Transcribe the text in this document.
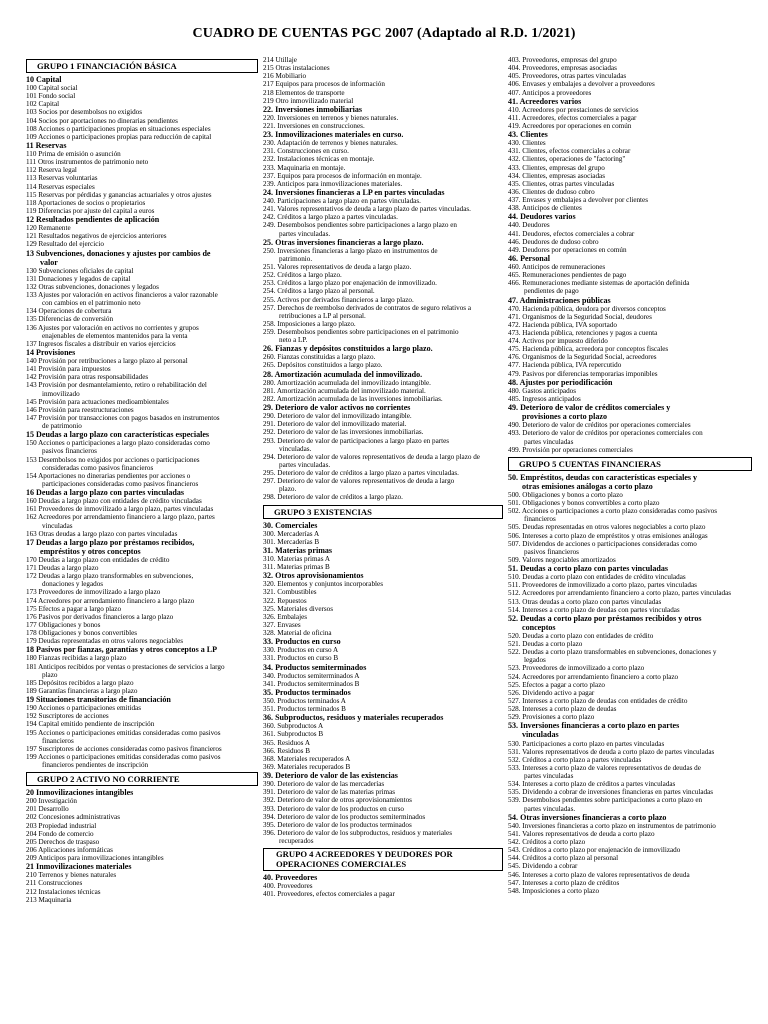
CUADRO DE CUENTAS PGC 2007 (Adaptado al R.D. 1/2021)
GRUPO 1 FINANCIACIÓN BÁSICA
10 Capital
100 Capital social
101 Fondo social
102 Capital
103 Socios por desembolsos no exigidos
104 Socios por aportaciones no dinerarias pendientes
108 Acciones o participaciones propias en situaciones especiales
109 Acciones o participaciones propias para reducción de capital
11 Reservas
110 Prima de emisión o asunción
111 Otros instrumentos de patrimonio neto
112 Reserva legal
113 Reservas voluntarias
114 Reservas especiales
115 Reservas por pérdidas y ganancias actuariales y otros ajustes
118 Aportaciones de socios o propietarios
119 Diferencias por ajuste del capital a euros
12 Resultados pendientes de aplicación
120 Remanente
121 Resultados negativos de ejercicios anteriores
129 Resultado del ejercicio
13 Subvenciones, donaciones y ajustes por cambios de
valor
130 Subvenciones oficiales de capital
131 Donaciones y legados de capital
132 Otras subvenciones, donaciones y legados
133 Ajustes por valoración en activos financieros a valor razonable
con cambios en el patrimonio neto
134 Operaciones de cobertura
135 Diferencias de conversión
136 Ajustes por valoración en activos no corrientes y grupos
enajenables de elementos mantenidos para la venta
137 Ingresos fiscales a distribuir en varios ejercicios
14 Provisiones
140 Provisión por retribuciones a largo plazo al personal
141 Provisión para impuestos
142 Provisión para otras responsabilidades
143 Provisión por desmantelamiento, retiro o rehabilitación del
inmovilizado
145 Provisión para actuaciones medioambientales
146 Provisión para reestructuraciones
147 Provisión por transacciones con pagos basados en instrumentos
de patrimonio
15 Deudas a largo plazo con características especiales
150 Acciones o participaciones a largo plazo consideradas como
pasivos financieros
153 Desembolsos no exigidos por acciones o participaciones
consideradas como pasivos financieros
154 Aportaciones no dinerarias pendientes por acciones o
participaciones consideradas como pasivos financieros
16 Deudas a largo plazo con partes vinculadas
160 Deudas a largo plazo con entidades de crédito vinculadas
161 Proveedores de inmovilizado a largo plazo, partes vinculadas
162 Acreedores por arrendamiento financiero a largo plazo, partes
vinculadas
163 Otras deudas a largo plazo con partes vinculadas
17 Deudas a largo plazo por préstamos recibidos,
empréstitos y otros conceptos
170 Deudas a largo plazo con entidades de crédito
171 Deudas a largo plazo
172 Deudas a largo plazo transformables en subvenciones,
donaciones y legados
173 Proveedores de inmovilizado a largo plazo
174 Acreedores por arrendamiento financiero a largo plazo
175 Efectos a pagar a largo plazo
176 Pasivos por derivados financieros a largo plazo
177 Obligaciones y bonos
178 Obligaciones y bonos convertibles
179 Deudas representadas en otros valores negociables
18 Pasivos por fianzas, garantías y otros conceptos a LP
180 Fianzas recibidas a largo plazo
181 Anticipos recibidos por ventas o prestaciones de servicios a largo
plazo
185 Depósitos recibidos a largo plazo
189 Garantías financieras a largo plazo
19 Situaciones transitorias de financiación
190 Acciones o participaciones emitidas
192 Suscriptores de acciones
194 Capital emitido pendiente de inscripción
195 Acciones o participaciones emitidas consideradas como pasivos
financieros
197 Suscriptores de acciones consideradas como pasivos financieros
199 Acciones o participaciones emitidas consideradas como pasivos
financieros pendientes de inscripción
GRUPO 2 ACTIVO NO CORRIENTE
20 Inmovilizaciones intangibles
200 Investigación
201 Desarrollo
202 Concesiones administrativas
203 Propiedad industrial
204 Fondo de comercio
205 Derechos de traspaso
206 Aplicaciones informáticas
209 Anticipos para inmovilizaciones intangibles
21 Inmovilizaciones materiales
210 Terrenos y bienes naturales
211 Construcciones
212 Instalaciones técnicas
213 Maquinaria
214 Utillaje
215 Otras instalaciones
216 Mobiliario
217 Equipos para procesos de información
218 Elementos de transporte
219 Otro inmovilizado material
22. Inversiones inmobiliarias
220. Inversiones en terrenos y bienes naturales.
221. Inversiones en construcciones.
23. Inmovilizaciones materiales en curso.
230. Adaptación de terrenos y bienes naturales.
231. Construcciones en curso.
232. Instalaciones técnicas en montaje.
233. Maquinaria en montaje.
237. Equipos para procesos de información en montaje.
239. Anticipos para inmovilizaciones materiales.
24. Inversiones financieras a LP en partes vinculadas
240. Participaciones a largo plazo en partes vinculadas.
241. Valores representativos de deuda a largo plazo de partes vinculadas.
242. Créditos a largo plazo a partes vinculadas.
249. Desembolsos pendientes sobre participaciones a largo plazo en
partes vinculadas.
25. Otras inversiones financieras a largo plazo.
250. Inversiones financieras a largo plazo en instrumentos de
patrimonio.
251. Valores representativos de deuda a largo plazo.
252. Créditos a largo plazo.
253. Créditos a largo plazo por enajenación de inmovilizado.
254. Créditos a largo plazo al personal.
255. Activos por derivados financieros a largo plazo.
257. Derechos de reembolso derivados de contratos de seguro relativos a
retribuciones a LP al personal.
258. Imposiciones a largo plazo.
259. Desembolsos pendientes sobre participaciones en el patrimonio
neto a LP.
26. Fianzas y depósitos constituidos a largo plazo.
260. Fianzas constituidas a largo plazo.
265. Depósitos constituidos a largo plazo.
28. Amortización acumulada del inmovilizado.
280. Amortización acumulada del inmovilizado intangible.
281. Amortización acumulada del inmovilizado material.
282. Amortización acumulada de las inversiones inmobiliarias.
29. Deterioro de valor activos no corrientes
290. Deterioro de valor del inmovilizado intangible.
291. Deterioro de valor del inmovilizado material.
292. Deterioro de valor de las inversiones inmobiliarias.
293. Deterioro de valor de participaciones a largo plazo en partes
vinculadas.
294. Deterioro de valor de valores representativos de deuda a largo plazo de
partes vinculadas.
295. Deterioro de valor de créditos a largo plazo a partes vinculadas.
297. Deterioro de valor de valores representativos de deuda a largo
plazo.
298. Deterioro de valor de créditos a largo plazo.
GRUPO 3 EXISTENCIAS
30. Comerciales
300. Mercaderías A
301. Mercaderías B
31. Materias primas
310. Materias primas A
311. Materias primas B
32. Otros aprovisionamientos
320. Elementos y conjuntos incorporables
321. Combustibles
322. Repuestos
325. Materiales diversos
326. Embalajes
327. Envases
328. Material de oficina
33. Productos en curso
330. Productos en curso A
331. Productos en curso B
34. Productos semiterminados
340. Productos semiterminados A
341. Productos semiterminados B
35. Productos terminados
350. Productos terminados A
351. Productos terminados B
36. Subproductos, residuos y materiales recuperados
360. Subproductos A
361. Subproductos B
365. Residuos A
366. Residuos B
368. Materiales recuperados A
369. Materiales recuperados B
39. Deterioro de valor de las existencias
390. Deterioro de valor de las mercaderías
391. Deterioro de valor de las materias primas
392. Deterioro de valor de otros aprovisionamientos
393. Deterioro de valor de los productos en curso
394. Deterioro de valor de los productos semiterminados
395. Deterioro de valor de los productos terminados
396. Deterioro de valor de los subproductos, residuos y materiales
recuperados
GRUPO 4 ACREEDORES Y DEUDORES POR
OPERACIONES COMERCIALES
40. Proveedores
400. Proveedores
401. Proveedores, efectos comerciales a pagar
403. Proveedores, empresas del grupo
404. Proveedores, empresas asociadas
405. Proveedores, otras partes vinculadas
406. Envases y embalajes a devolver a proveedores
407. Anticipos a proveedores
41. Acreedores varios
410. Acreedores por prestaciones de servicios
411. Acreedores, efectos comerciales a pagar
419. Acreedores por operaciones en común
43. Clientes
430. Clientes
431. Clientes, efectos comerciales a cobrar
432. Clientes, operaciones de "factoring"
433. Clientes, empresas del grupo
434. Clientes, empresas asociadas
435. Clientes, otras partes vinculadas
436. Clientes de dudoso cobro
437. Envases y embalajes a devolver por clientes
438. Anticipos de clientes
44. Deudores varios
440. Deudores
441. Deudores, efectos comerciales a cobrar
446. Deudores de dudoso cobro
449. Deudores por operaciones en común
46. Personal
460. Anticipos de remuneraciones
465. Remuneraciones pendientes de pago
466. Remuneraciones mediante sistemas de aportación definida
pendientes de pago
47. Administraciones públicas
470. Hacienda pública, deudora por diversos conceptos
471. Organismos de la Seguridad Social, deudores
472. Hacienda pública, IVA soportado
473. Hacienda pública, retenciones y pagos a cuenta
474. Activos por impuesto diferido
475. Hacienda pública, acreedora por conceptos fiscales
476. Organismos de la Seguridad Social, acreedores
477. Hacienda pública, IVA repercutido
479. Pasivos por diferencias temporarias imponibles
48. Ajustes por periodificación
480. Gastos anticipados
485. Ingresos anticipados
49. Deterioro de valor de créditos comerciales y
provisiones a corto plazo
490. Deterioro de valor de créditos por operaciones comerciales
493. Deterioro de valor de créditos por operaciones comerciales con
partes vinculadas
499. Provisión por operaciones comerciales
GRUPO 5 CUENTAS FINANCIERAS
50. Empréstitos, deudas con características especiales y
otras emisiones análogas a corto plazo
500. Obligaciones y bonos a corto plazo
501. Obligaciones y bonos convertibles a corto plazo
502. Acciones o participaciones a corto plazo consideradas como pasivos
financieros
505. Deudas representadas en otros valores negociables a corto plazo
506. Intereses a corto plazo de empréstitos y otras emisiones análogas
507. Dividendos de acciones o participaciones consideradas como
pasivos financieros
509. Valores negociables amortizados
51. Deudas a corto plazo con partes vinculadas
510. Deudas a corto plazo con entidades de crédito vinculadas
511. Proveedores de inmovilizado a corto plazo, partes vinculadas
512. Acreedores por arrendamiento financiero a corto plazo, partes vinculadas
513. Otras deudas a corto plazo con partes vinculadas
514. Intereses a corto plazo de deudas con partes vinculadas
52. Deudas a corto plazo por préstamos recibidos y otros
conceptos
520. Deudas a corto plazo con entidades de crédito
521. Deudas a corto plazo
522. Deudas a corto plazo transformables en subvenciones, donaciones y
legados
523. Proveedores de inmovilizado a corto plazo
524. Acreedores por arrendamiento financiero a corto plazo
525. Efectos a pagar a corto plazo
526. Dividendo activo a pagar
527. Intereses a corto plazo de deudas con entidades de crédito
528. Intereses a corto plazo de deudas
529. Provisiones a corto plazo
53. Inversiones financieras a corto plazo en partes
vinculadas
530. Participaciones a corto plazo en partes vinculadas
531. Valores representativos de deuda a corto plazo de partes vinculadas
532. Créditos a corto plazo a partes vinculadas
533. Intereses a corto plazo de valores representativos de deudas de
partes vinculadas
534. Intereses a corto plazo de créditos a partes vinculadas
535. Dividendo a cobrar de inversiones financieras en partes vinculadas
539. Desembolsos pendientes sobre participaciones a corto plazo en
partes vinculadas.
54. Otras inversiones financieras a corto plazo
540. Inversiones financieras a corto plazo en instrumentos de patrimonio
541. Valores representativos de deuda a corto plazo
542. Créditos a corto plazo
543. Créditos a corto plazo por enajenación de inmovilizado
544. Créditos a corto plazo al personal
545. Dividendo a cobrar
546. Intereses a corto plazo de valores representativos de deuda
547. Intereses a corto plazo de créditos
548. Imposiciones a corto plazo
